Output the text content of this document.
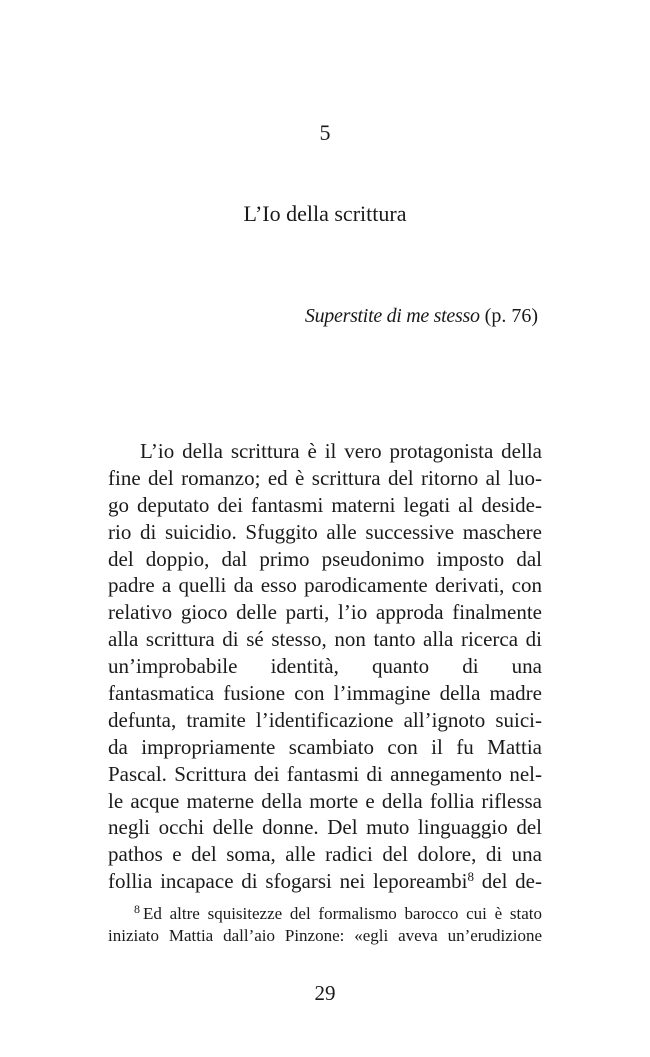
5
L’Io della scrittura
Superstite di me stesso (p. 76)
L’io della scrittura è il vero protagonista della
fine del romanzo; ed è scrittura del ritorno al luo-
go deputato dei fantasmi materni legati al deside-
rio di suicidio. Sfuggito alle successive maschere
del doppio, dal primo pseudonimo imposto dal
padre a quelli da esso parodicamente derivati, con
relativo gioco delle parti, l’io approda finalmente
alla scrittura di sé stesso, non tanto alla ricerca di
un’improbabile identità, quanto di una
fantasmatica fusione con l’immagine della madre
defunta, tramite l’identificazione all’ignoto suici-
da impropriamente scambiato con il fu Mattia
Pascal. Scrittura dei fantasmi di annegamento nel-
le acque materne della morte e della follia riflessa
negli occhi delle donne. Del muto linguaggio del
pathos e del soma, alle radici del dolore, di una
follia incapace di sfogarsi nei leporeambi$^8$ del de-
$^8$ Ed altre squisitezze del formalismo barocco cui è stato
iniziato Mattia dall’aio Pinzone: «egli aveva un’erudizione
29
